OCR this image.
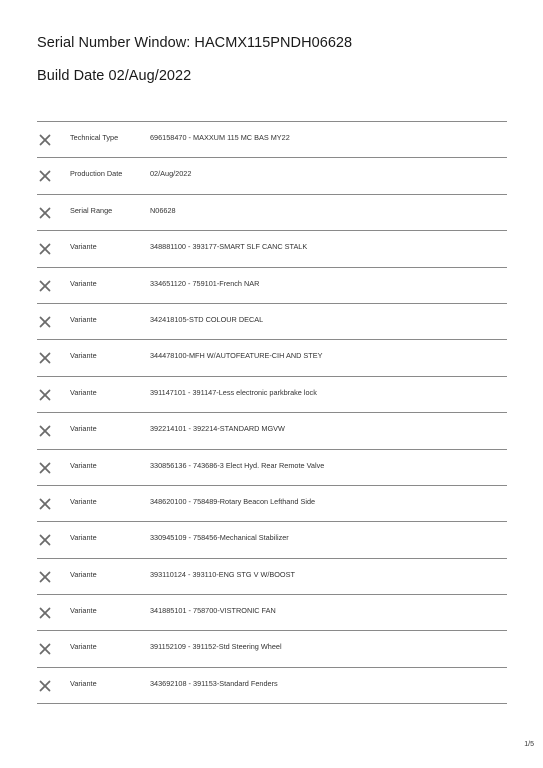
Serial Number Window: HACMX115PNDH06628
Build Date 02/Aug/2022
Technical Type	696158470 - MAXXUM 115 MC BAS MY22
Production Date	02/Aug/2022
Serial Range	N06628
Variante	348881100 - 393177-SMART SLF CANC STALK
Variante	334651120 - 759101-French NAR
Variante	342418105-STD COLOUR DECAL
Variante	344478100-MFH W/AUTOFEATURE-CIH AND STEY
Variante	391147101 - 391147-Less electronic parkbrake lock
Variante	392214101 - 392214-STANDARD MGVW
Variante	330856136 - 743686-3 Elect Hyd. Rear Remote Valve
Variante	348620100 - 758489-Rotary Beacon Lefthand Side
Variante	330945109 - 758456-Mechanical Stabilizer
Variante	393110124 - 393110-ENG STG V W/BOOST
Variante	341885101 - 758700-VISTRONIC FAN
Variante	391152109 - 391152-Std Steering Wheel
Variante	343692108 - 391153-Standard Fenders
1/5
